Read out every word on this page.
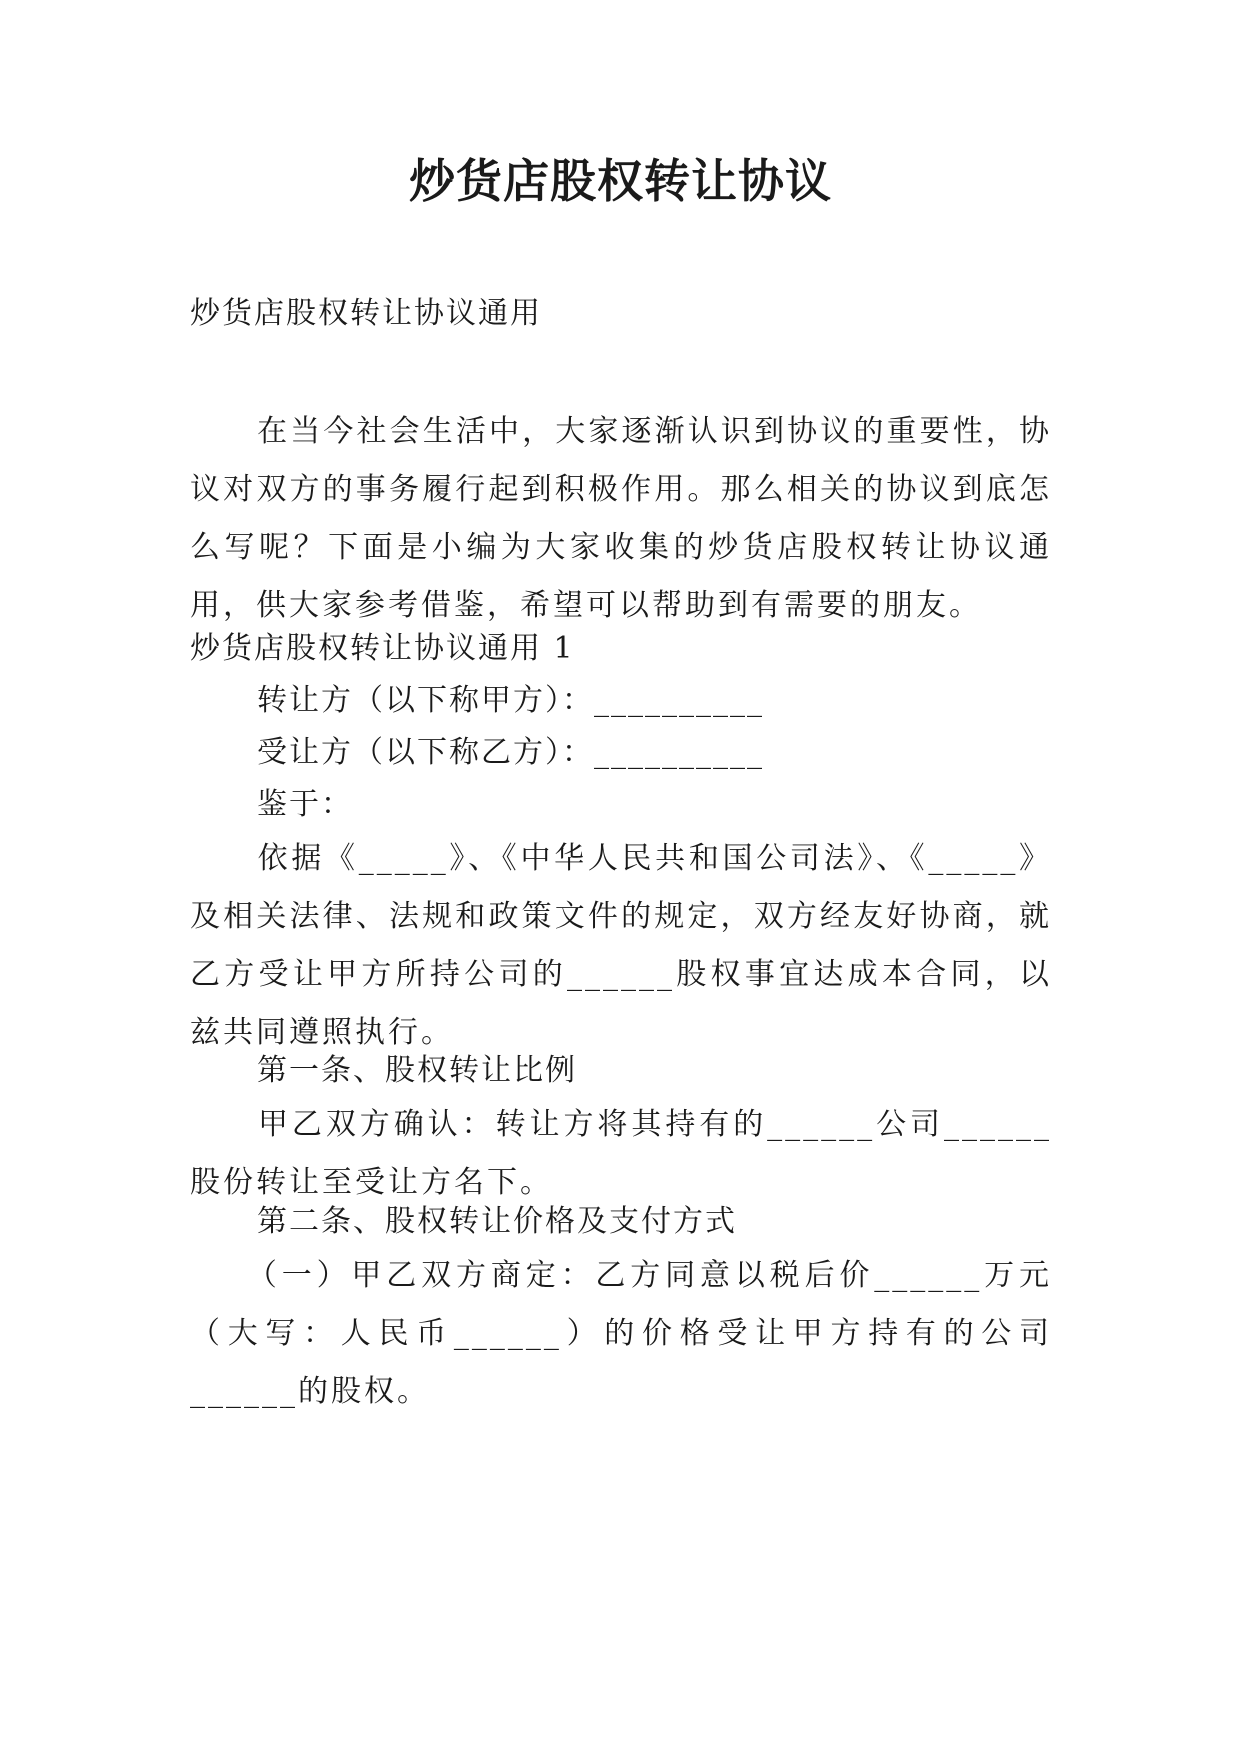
炒货店股权转让协议
炒货店股权转让协议通用
在当今社会生活中，大家逐渐认识到协议的重要性，协议对双方的事务履行起到积极作用。那么相关的协议到底怎么写呢？下面是小编为大家收集的炒货店股权转让协议通用，供大家参考借鉴，希望可以帮助到有需要的朋友。
炒货店股权转让协议通用 1
转让方（以下称甲方）：__________
受让方（以下称乙方）：__________
鉴于：
依据《_____》、《中华人民共和国公司法》、《_____》及相关法律、法规和政策文件的规定，双方经友好协商，就乙方受让甲方所持公司的______股权事宜达成本合同，以兹共同遵照执行。
第一条、股权转让比例
甲乙双方确认：转让方将其持有的______公司______股份转让至受让方名下。
第二条、股权转让价格及支付方式
（一）甲乙双方商定：乙方同意以税后价______万元（大写：人民币______）的价格受让甲方持有的公司______的股权。
